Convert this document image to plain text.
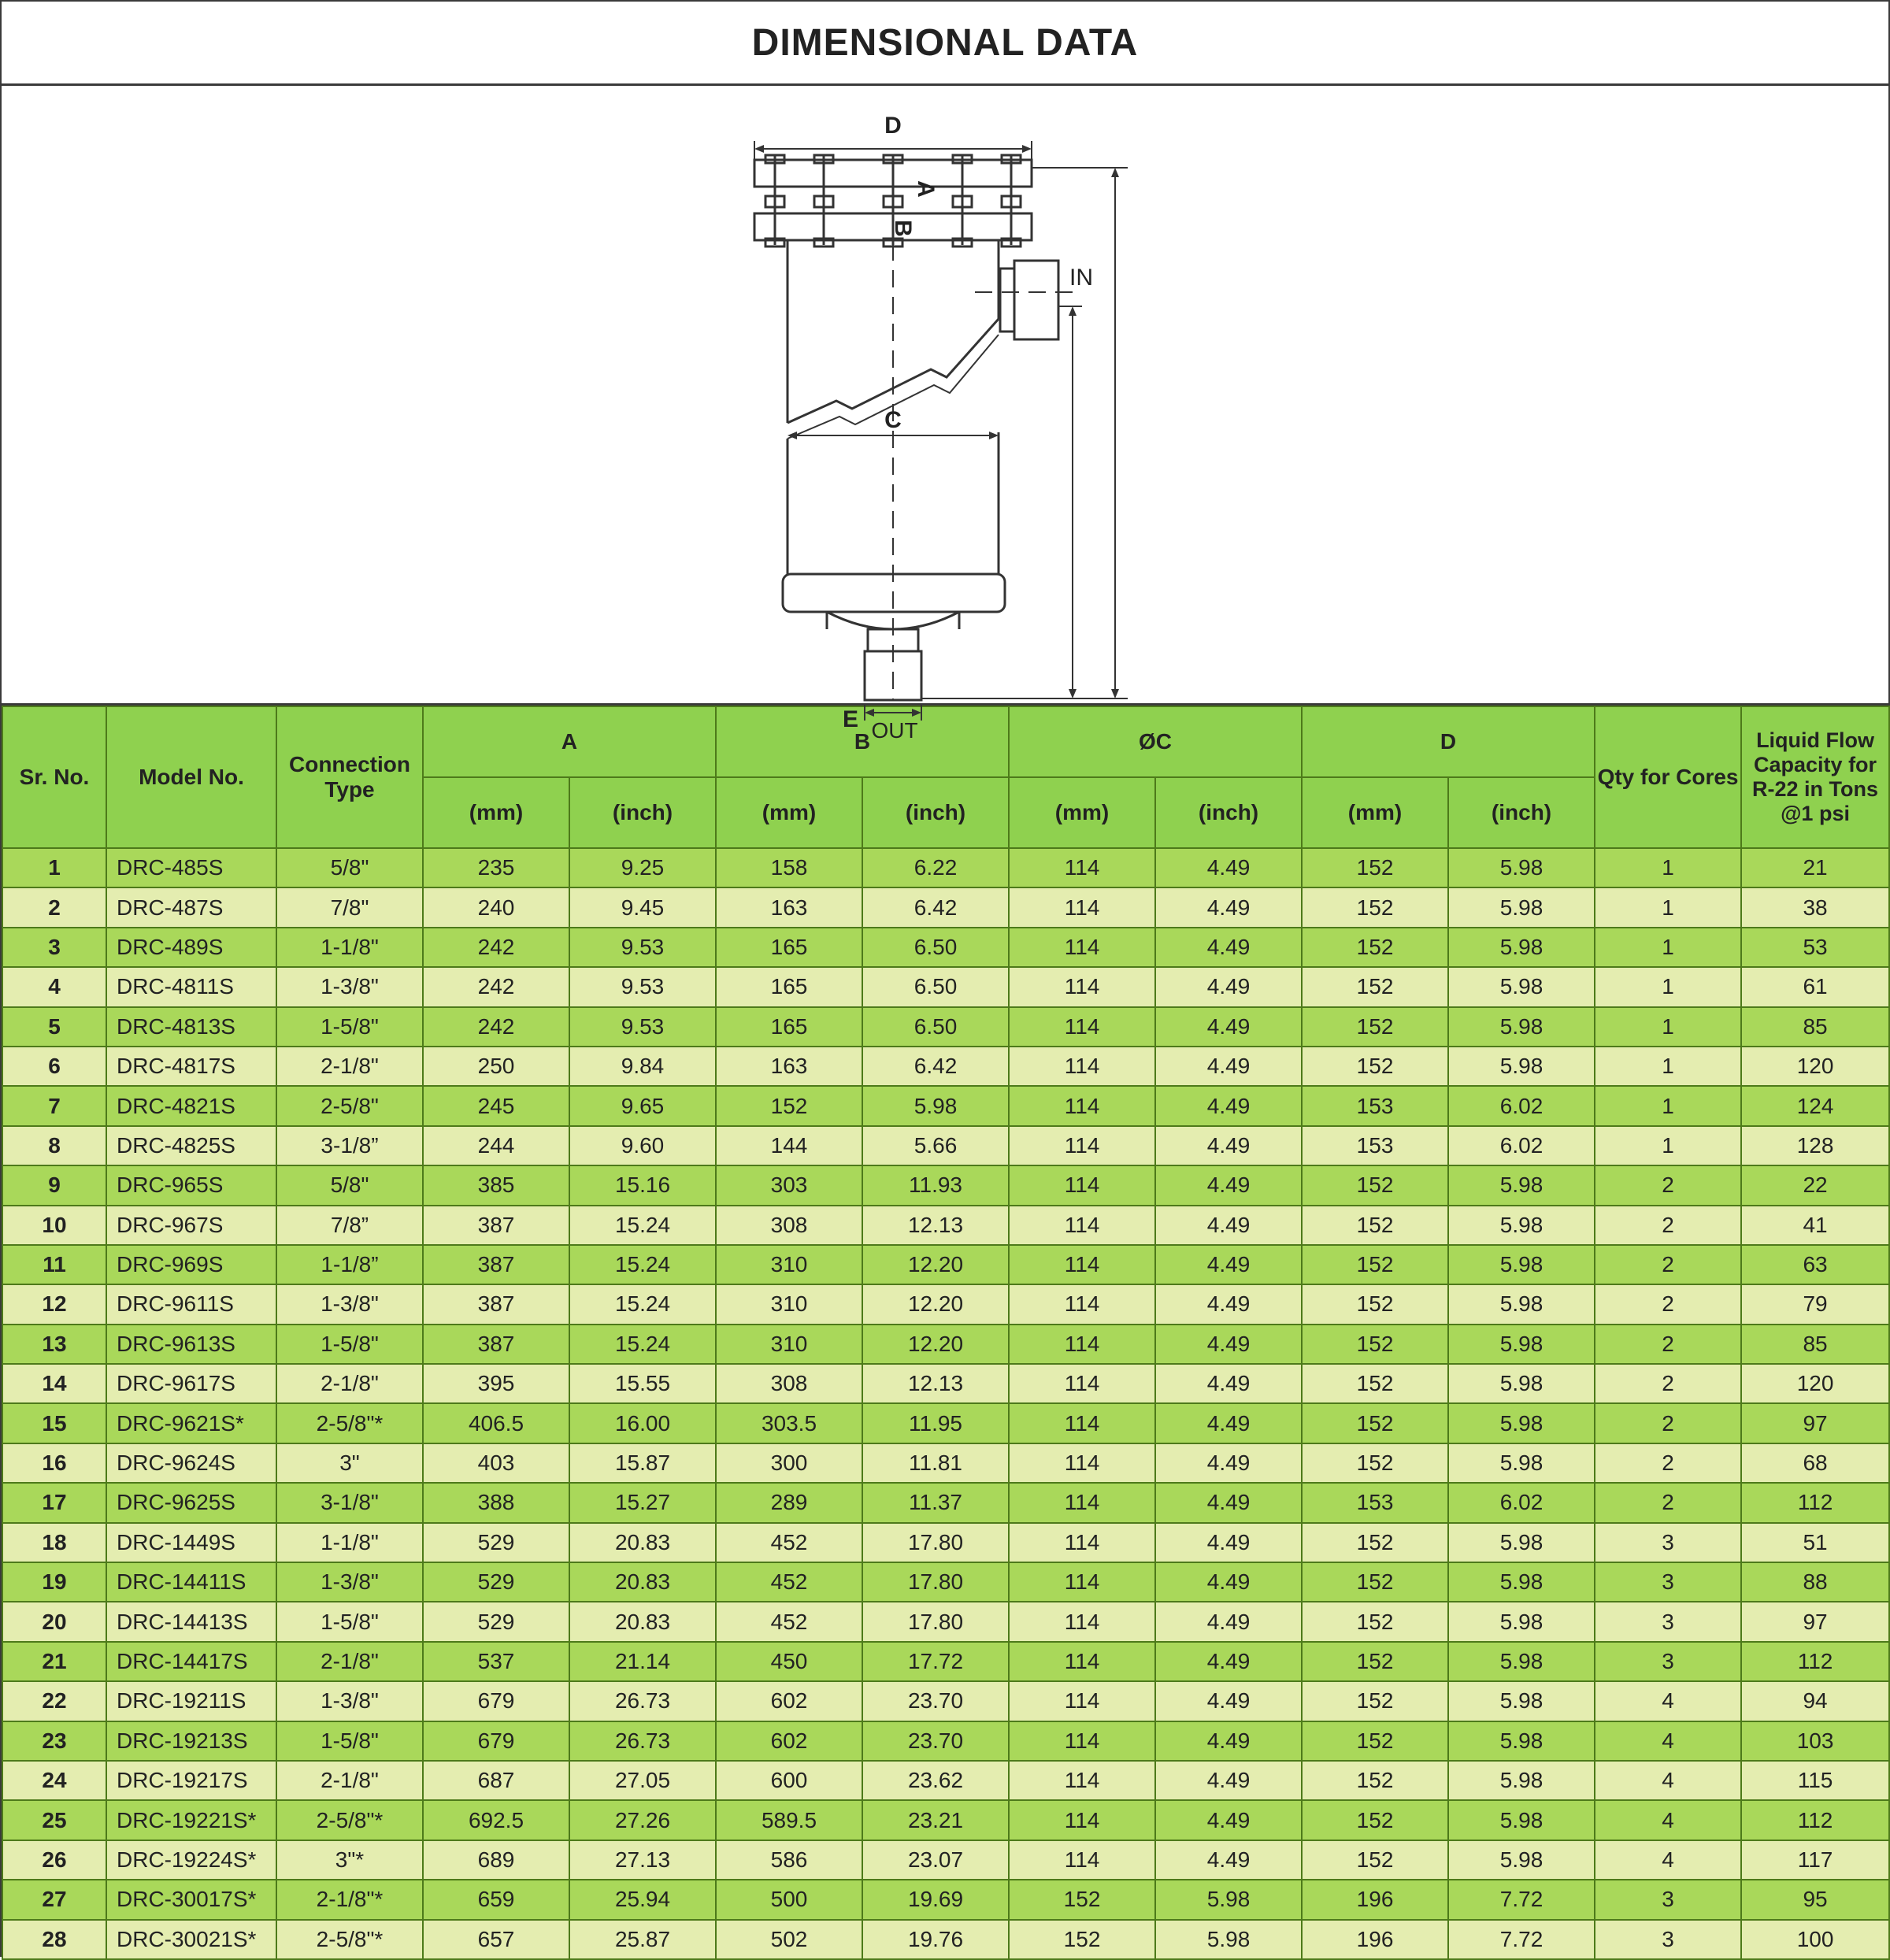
DIMENSIONAL DATA
D
C
IN
A
B
E OUT
Sr. No.	Model No.	Connection Type	A		B		ØC		D		Qty for Cores	Liquid Flow Capacity for R-22 in Tons @1 psi
			(mm)	(inch)	(mm)	(inch)	(mm)	(inch)	(mm)	(inch)		
1	DRC-485S	5/8"	235	9.25	158	6.22	114	4.49	152	5.98	1	21
2	DRC-487S	7/8"	240	9.45	163	6.42	114	4.49	152	5.98	1	38
3	DRC-489S	1-1/8"	242	9.53	165	6.50	114	4.49	152	5.98	1	53
4	DRC-4811S	1-3/8"	242	9.53	165	6.50	114	4.49	152	5.98	1	61
5	DRC-4813S	1-5/8"	242	9.53	165	6.50	114	4.49	152	5.98	1	85
6	DRC-4817S	2-1/8"	250	9.84	163	6.42	114	4.49	152	5.98	1	120
7	DRC-4821S	2-5/8"	245	9.65	152	5.98	114	4.49	153	6.02	1	124
8	DRC-4825S	3-1/8”	244	9.60	144	5.66	114	4.49	153	6.02	1	128
9	DRC-965S	5/8"	385	15.16	303	11.93	114	4.49	152	5.98	2	22
10	DRC-967S	7/8”	387	15.24	308	12.13	114	4.49	152	5.98	2	41
11	DRC-969S	1-1/8”	387	15.24	310	12.20	114	4.49	152	5.98	2	63
12	DRC-9611S	1-3/8"	387	15.24	310	12.20	114	4.49	152	5.98	2	79
13	DRC-9613S	1-5/8"	387	15.24	310	12.20	114	4.49	152	5.98	2	85
14	DRC-9617S	2-1/8"	395	15.55	308	12.13	114	4.49	152	5.98	2	120
15	DRC-9621S*	2-5/8"*	406.5	16.00	303.5	11.95	114	4.49	152	5.98	2	97
16	DRC-9624S	3"	403	15.87	300	11.81	114	4.49	152	5.98	2	68
17	DRC-9625S	3-1/8"	388	15.27	289	11.37	114	4.49	153	6.02	2	112
18	DRC-1449S	1-1/8"	529	20.83	452	17.80	114	4.49	152	5.98	3	51
19	DRC-14411S	1-3/8"	529	20.83	452	17.80	114	4.49	152	5.98	3	88
20	DRC-14413S	1-5/8"	529	20.83	452	17.80	114	4.49	152	5.98	3	97
21	DRC-14417S	2-1/8"	537	21.14	450	17.72	114	4.49	152	5.98	3	112
22	DRC-19211S	1-3/8"	679	26.73	602	23.70	114	4.49	152	5.98	4	94
23	DRC-19213S	1-5/8"	679	26.73	602	23.70	114	4.49	152	5.98	4	103
24	DRC-19217S	2-1/8"	687	27.05	600	23.62	114	4.49	152	5.98	4	115
25	DRC-19221S*	2-5/8"*	692.5	27.26	589.5	23.21	114	4.49	152	5.98	4	112
26	DRC-19224S*	3"*	689	27.13	586	23.07	114	4.49	152	5.98	4	117
27	DRC-30017S*	2-1/8"*	659	25.94	500	19.69	152	5.98	196	7.72	3	95
28	DRC-30021S*	2-5/8"*	657	25.87	502	19.76	152	5.98	196	7.72	3	100
